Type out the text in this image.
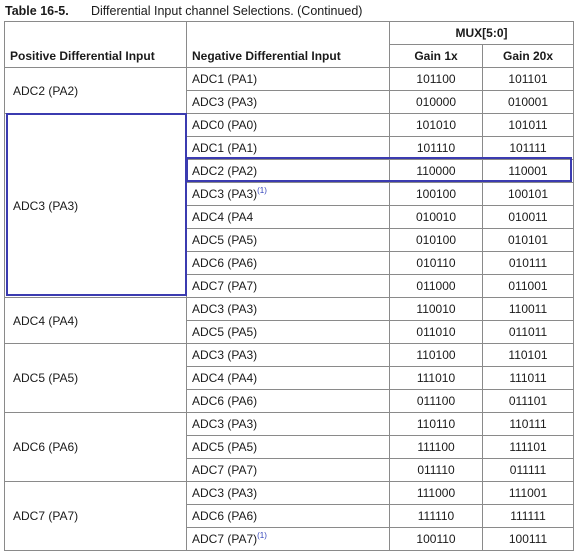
Table 16-5. Differential Input channel Selections. (Continued)
Positive Differential Input	Negative Differential Input	MUX[5:0]	
		Gain 1x	Gain 20x
ADC2 (PA2)	ADC1 (PA1)	101100	101101
	ADC3 (PA3)	010000	010001
ADC3 (PA3)	ADC0 (PA0)	101010	101011
	ADC1 (PA1)	101110	101111
	ADC2 (PA2)	110000	110001
	ADC3 $(PA3)^{(1)}$	100100	100101
	ADC4 (PA4	010010	010011
	ADC5 (PA5)	010100	010101
	ADC6 (PA6)	010110	010111
	ADC7 (PA7)	011000	011001
ADC4 (PA4)	ADC3 (PA3)	110010	110011
	ADC5 (PA5)	011010	011011
ADC5 (PA5)	ADC3 (PA3)	110100	110101
	ADC4 (PA4)	111010	111011
	ADC6 (PA6)	011100	011101
ADC6 (PA6)	ADC3 (PA3)	110110	110111
	ADC5 (PA5)	111100	111101
	ADC7 (PA7)	011110	011111
ADC7 (PA7)	ADC3 (PA3)	111000	111001
	ADC6 (PA6)	111110	111111
	ADC7 $(PA7)^{(1)}$	100110	100111
